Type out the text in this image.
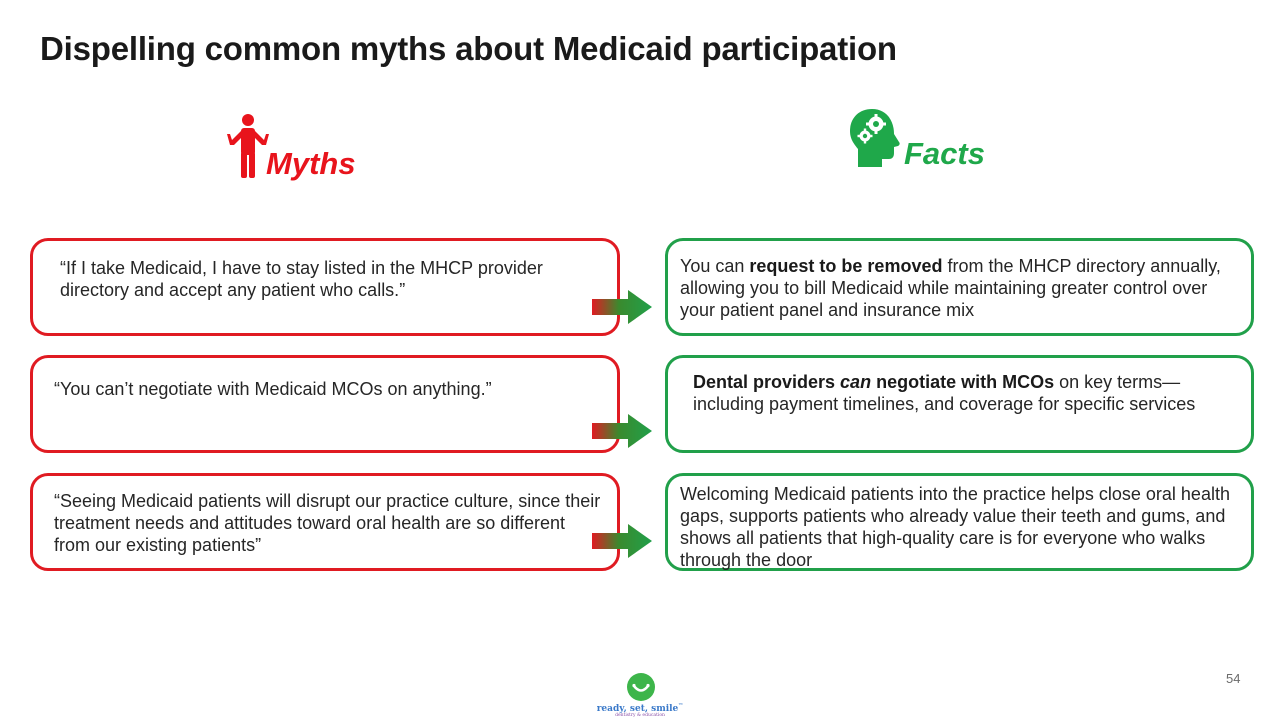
Dispelling common myths about Medicaid participation
Myths	Facts
“If I take Medicaid, I have to stay listed in the MHCP provider directory and accept any patient who calls.”
You can request to be removed from the MHCP directory annually, allowing you to bill Medicaid while maintaining greater control over your patient panel and insurance mix
“You can’t negotiate with Medicaid MCOs on anything.”	Dental providers can negotiate with MCOs on key terms—including payment timelines, and coverage for specific services
“Seeing Medicaid patients will disrupt our practice culture, since their treatment needs and attitudes toward oral health are so different from our existing patients”
Welcoming Medicaid patients into the practice helps close oral health gaps, supports patients who already value their teeth and gums, and shows all patients that high-quality care is for everyone who walks through the door
54
ready, set, smile™
dentistry & education
